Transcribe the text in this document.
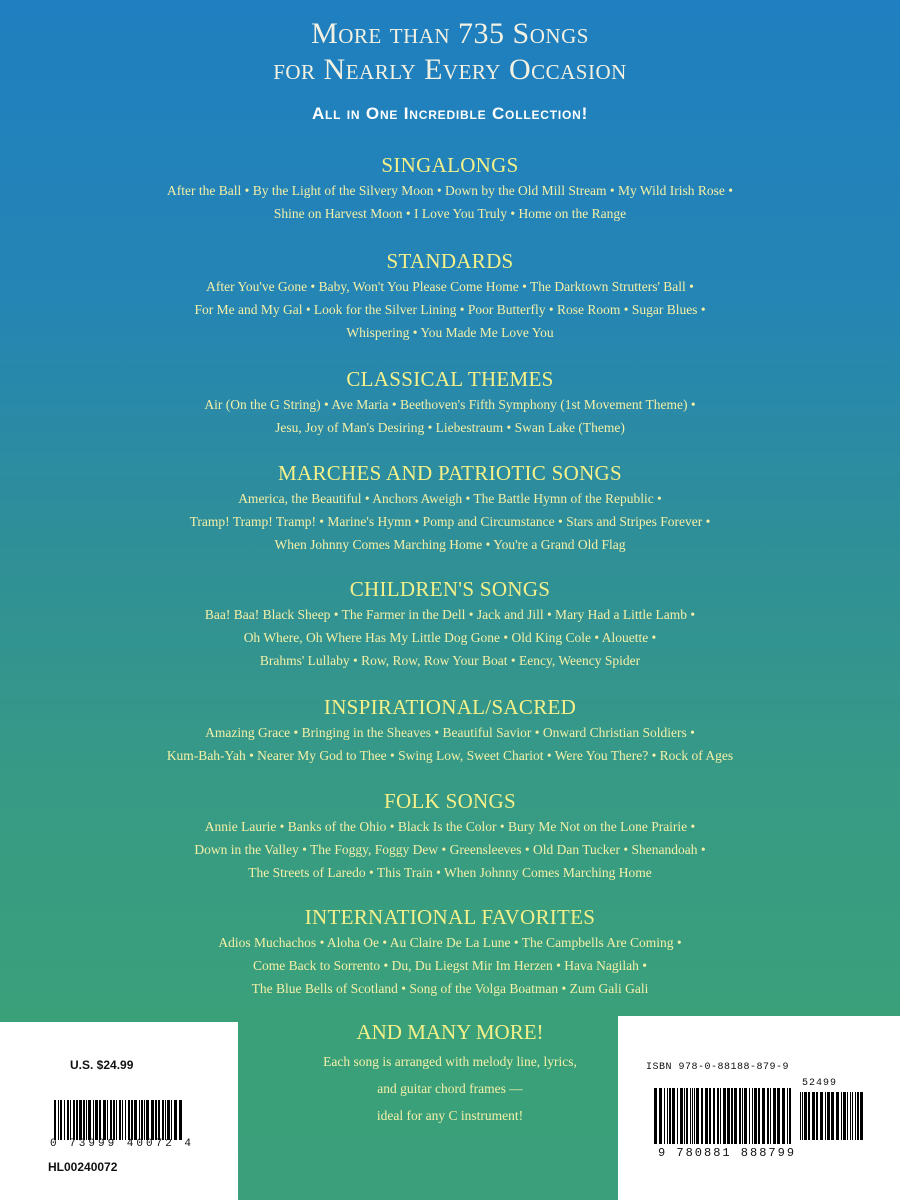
More than 735 Songs
for Nearly Every Occasion
All in One Incredible Collection!
SINGALONGS

After the Ball • By the Light of the Silvery Moon • Down by the Old Mill Stream • My Wild Irish Rose •

Shine on Harvest Moon • I Love You Truly • Home on the Range

STANDARDS

After You've Gone • Baby, Won't You Please Come Home • The Darktown Strutters' Ball •

For Me and My Gal • Look for the Silver Lining • Poor Butterfly • Rose Room • Sugar Blues •

Whispering • You Made Me Love You

CLASSICAL THEMES

Air (On the G String) • Ave Maria • Beethoven's Fifth Symphony (1st Movement Theme) •

Jesu, Joy of Man's Desiring • Liebestraum • Swan Lake (Theme)

MARCHES AND PATRIOTIC SONGS

America, the Beautiful • Anchors Aweigh • The Battle Hymn of the Republic •

Tramp! Tramp! Tramp! • Marine's Hymn • Pomp and Circumstance • Stars and Stripes Forever •

When Johnny Comes Marching Home • You're a Grand Old Flag

CHILDREN'S SONGS

Baa! Baa! Black Sheep • The Farmer in the Dell • Jack and Jill • Mary Had a Little Lamb •

Oh Where, Oh Where Has My Little Dog Gone • Old King Cole • Alouette •

Brahms' Lullaby • Row, Row, Row Your Boat • Eency, Weency Spider

INSPIRATIONAL/SACRED

Amazing Grace • Bringing in the Sheaves • Beautiful Savior • Onward Christian Soldiers •

Kum-Bah-Yah • Nearer My God to Thee • Swing Low, Sweet Chariot • Were You There? • Rock of Ages

FOLK SONGS

Annie Laurie • Banks of the Ohio • Black Is the Color • Bury Me Not on the Lone Prairie •

Down in the Valley • The Foggy, Foggy Dew • Greensleeves • Old Dan Tucker • Shenandoah •

The Streets of Laredo • This Train • When Johnny Comes Marching Home

INTERNATIONAL FAVORITES

Adios Muchachos • Aloha Oe • Au Claire De La Lune • The Campbells Are Coming •

Come Back to Sorrento • Du, Du Liegst Mir Im Herzen • Hava Nagilah •

The Blue Bells of Scotland • Song of the Volga Boatman • Zum Gali Gali

AND MANY MORE!

Each song is arranged with melody line, lyrics,

and guitar chord frames —

ideal for any C instrument!

U.S. $24.99
0 73999 40072 4
HL00240072
ISBN 978-0-88188-879-9
52499
9 780881 888799
